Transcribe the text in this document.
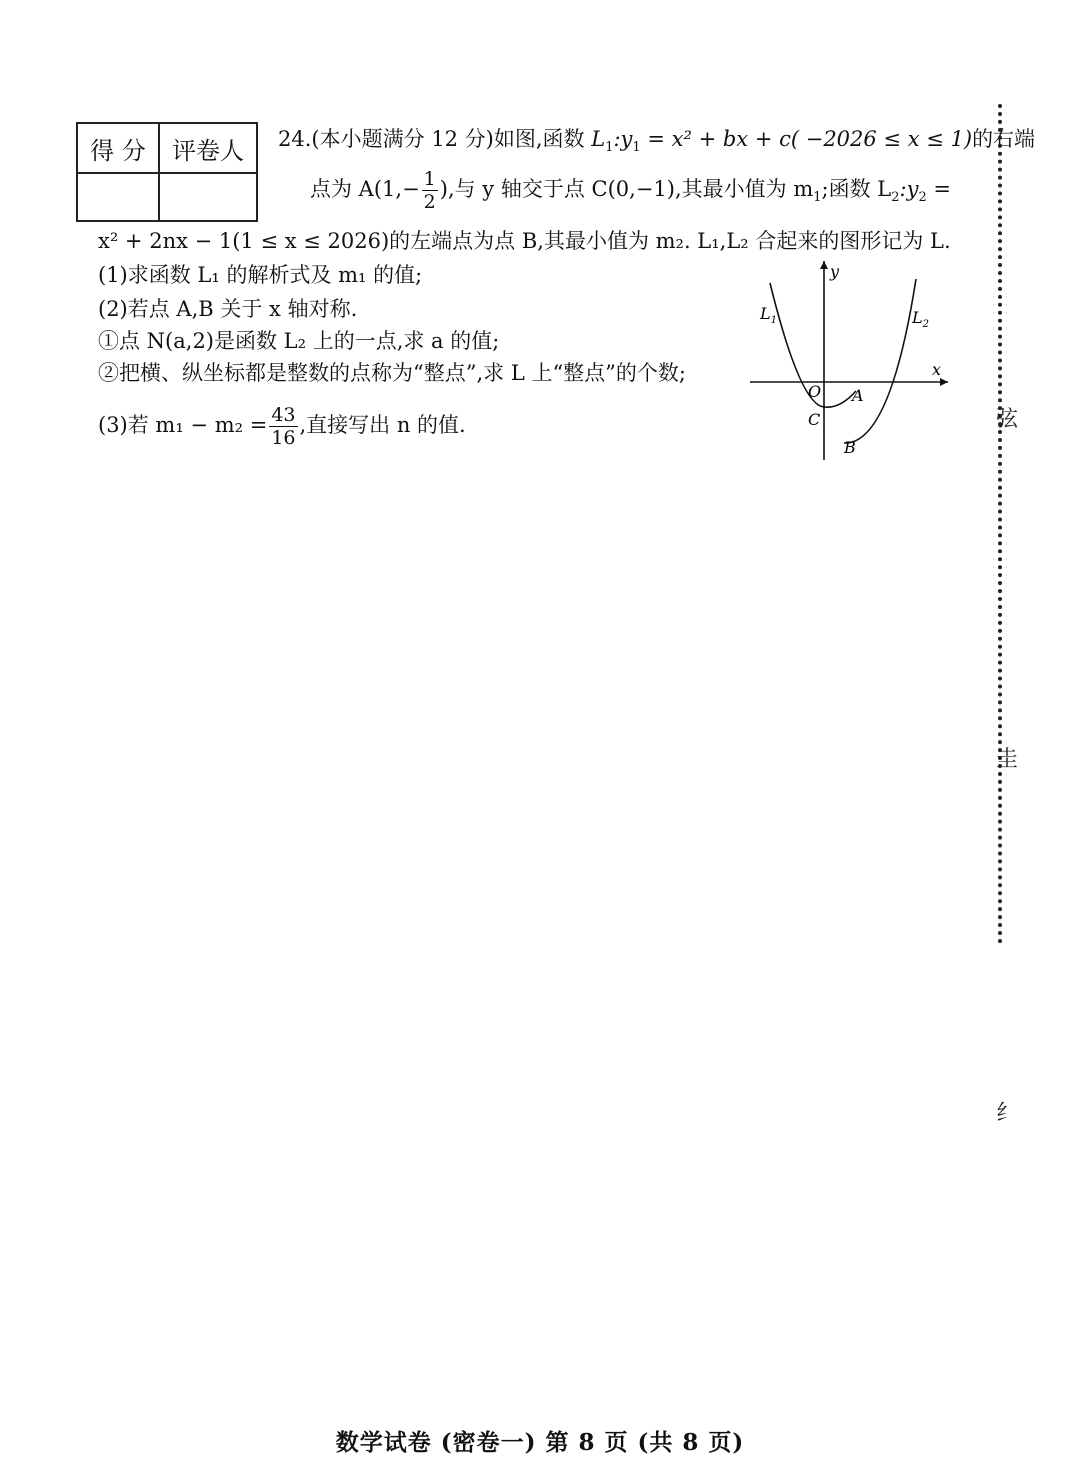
得 分	评卷人
	24.(本小题满分 12 分)如图,函数 $L_1:y_1 = x^2$ + bx + c( −2026 ≤ x ≤ 1)的右端
点为 $A(1,- \frac{1}{2}$ ),与 y 轴交于点 C(0,−1),其最小值为 $m_1$;函数 $L_2:y_2$ =
x² + 2nx − 1(1 ≤ x ≤ 2026)的左端点为点 B,其最小值为 m₂. L₁,L₂ 合起来的图形记为 L.
(1)求函数 L₁ 的解析式及 m₁ 的值;
(2)若点 A,B 关于 x 轴对称.
①点 N(a,2)是函数 L₂ 上的一点,求 a 的值;
②把横、纵坐标都是整数的点称为“整点”,求 L 上“整点”的个数;
(3)若 $m_1 - m_2 = \frac{43}{16}$ ,直接写出 n 的值.
y
x
O
$L_1$	$L_2$
A
C
B
弦
圭
纟
数学试卷 (密卷一) 第 8 页 (共 8 页)
